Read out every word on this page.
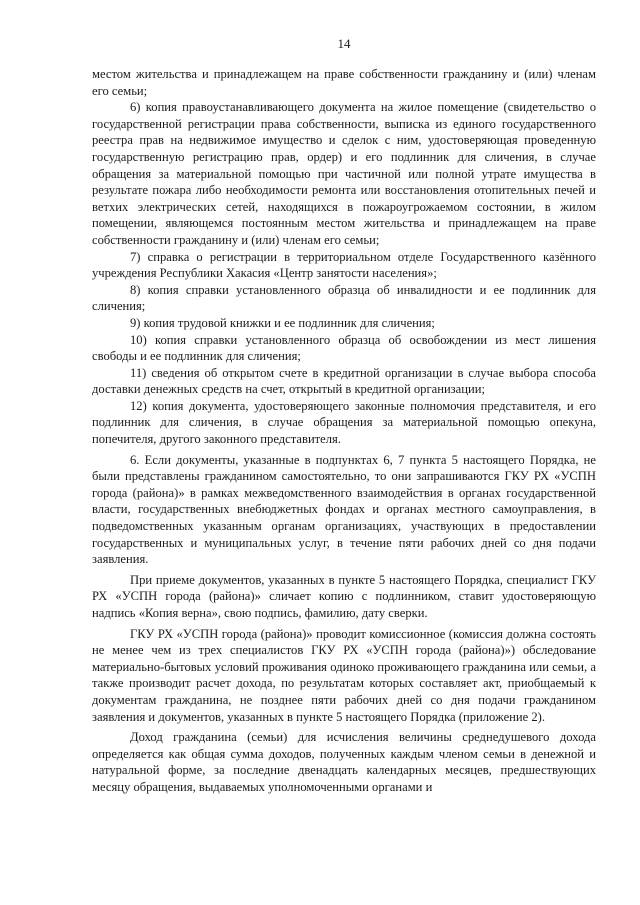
14

местом жительства и принадлежащем на праве собственности гражданину и (или) членам его семьи;

6) копия правоустанавливающего документа на жилое помещение (свидетельство о государственной регистрации права собственности, выписка из единого государственного реестра прав на недвижимое имущество и сделок с ним, удостоверяющая проведенную государственную регистрацию прав, ордер) и его подлинник для сличения, в случае обращения за материальной помощью при частичной или полной утрате имущества в результате пожара либо необходимости ремонта или восстановления отопительных печей и ветхих электрических сетей, находящихся в пожароугрожаемом состоянии, в жилом помещении, являющемся постоянным местом жительства и принадлежащем на праве собственности гражданину и (или) членам его семьи;

7) справка о регистрации в территориальном отделе Государственного казённого учреждения Республики Хакасия «Центр занятости населения»;

8) копия справки установленного образца об инвалидности и ее подлинник для сличения;

9) копия трудовой книжки и ее подлинник для сличения;

10) копия справки установленного образца об освобождении из мест лишения свободы и ее подлинник для сличения;

11) сведения об открытом счете в кредитной организации в случае выбора способа доставки денежных средств на счет, открытый в кредитной организации;

12) копия документа, удостоверяющего законные полномочия представителя, и его подлинник для сличения, в случае обращения за материальной помощью опекуна, попечителя, другого законного представителя.

6. Если документы, указанные в подпунктах 6, 7 пункта 5 настоящего Порядка, не были представлены гражданином самостоятельно, то они запрашиваются ГКУ РХ «УСПН города (района)» в рамках межведомственного взаимодействия в органах государственной власти, государственных внебюджетных фондах и органах местного самоуправления, в подведомственных указанным органам организациях, участвующих в предоставлении государственных и муниципальных услуг, в течение пяти рабочих дней со дня подачи заявления.

При приеме документов, указанных в пункте 5 настоящего Порядка, специалист ГКУ РХ «УСПН города (района)» сличает копию с подлинником, ставит удостоверяющую надпись «Копия верна», свою подпись, фамилию, дату сверки.

ГКУ РХ «УСПН города (района)» проводит комиссионное (комиссия должна состоять не менее чем из трех специалистов ГКУ РХ «УСПН города (района)») обследование материально-бытовых условий проживания одиноко проживающего гражданина или семьи, а также производит расчет дохода, по результатам которых составляет акт, приобщаемый к документам гражданина, не позднее пяти рабочих дней со дня подачи гражданином заявления и документов, указанных в пункте 5 настоящего Порядка (приложение 2).

Доход гражданина (семьи) для исчисления величины среднедушевого дохода определяется как общая сумма доходов, полученных каждым членом семьи в денежной и натуральной форме, за последние двенадцать календарных месяцев, предшествующих месяцу обращения, выдаваемых уполномоченными органами и
